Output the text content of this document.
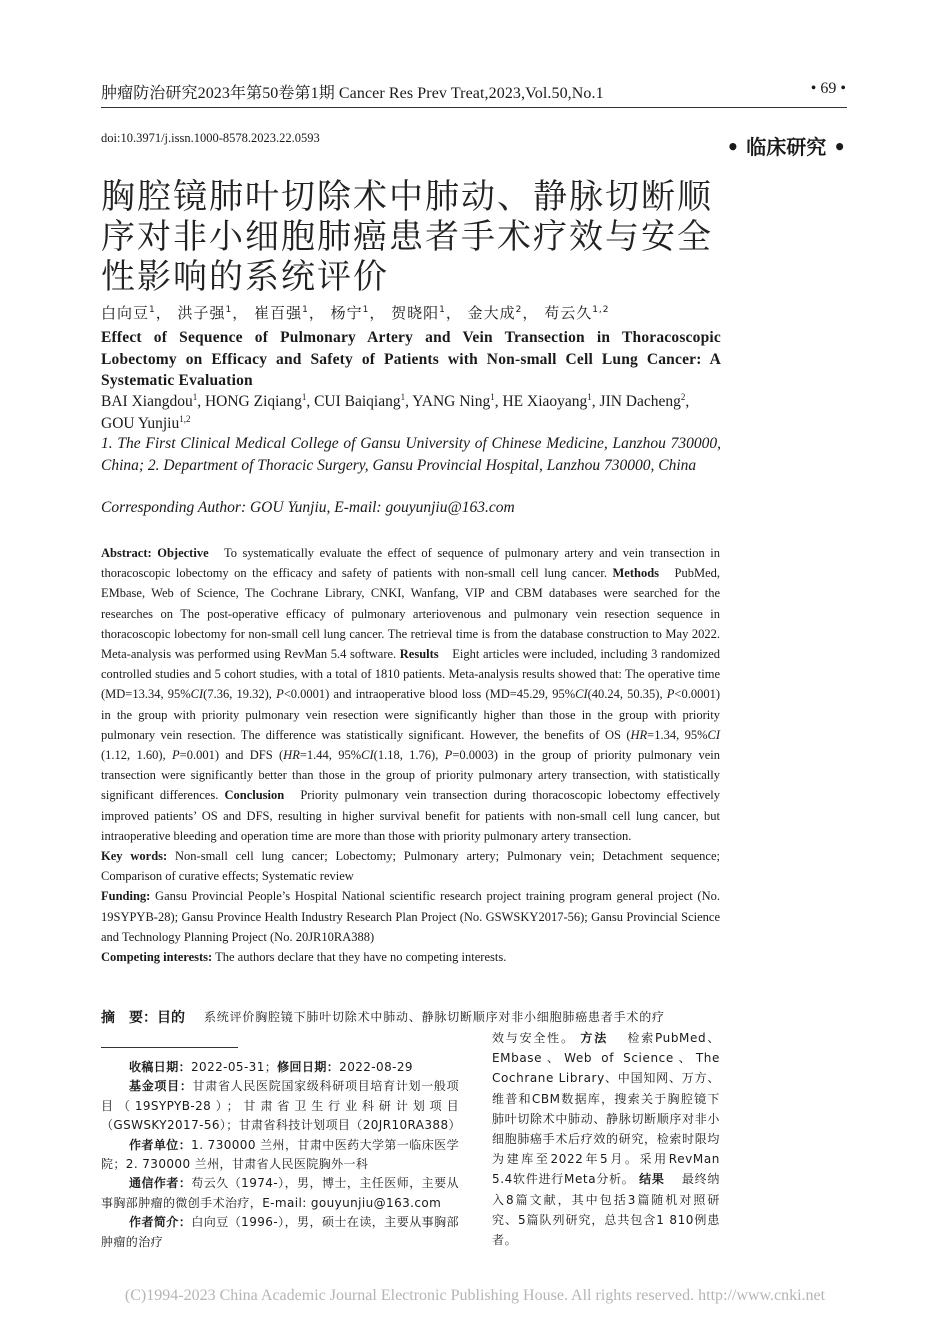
肿瘤防治研究2023年第50卷第1期 Cancer Res Prev Treat,2023,Vol.50,No.1	• 69 •
doi:10.3971/j.issn.1000-8578.2023.22.0593	• 临床研究 •
胸腔镜肺叶切除术中肺动、静脉切断顺序对非小细胞肺癌患者手术疗效与安全性影响的系统评价
白向豆$^1$， 洪子强$^1$， 崔百强$^1$， 杨宁$^1$， 贺晓阳$^1$， 金大成$^2$， 苟云久$^{1,2}$
Effect of Sequence of Pulmonary Artery and Vein Transection in Thoracoscopic Lobectomy on Efficacy and Safety of Patients with Non-small Cell Lung Cancer: A Systematic Evaluation
BAI Xiangdou$^1$, HONG Ziqiang$^1$, CUI Baiqiang$^1$, YANG Ning$^1$, HE Xiaoyang$^1$, JIN Dacheng$^2$, GOU Yunjiu$^{1,2}$
1. The First Clinical Medical College of Gansu University of Chinese Medicine, Lanzhou 730000, China; 2. Department of Thoracic Surgery, Gansu Provincial Hospital, Lanzhou 730000, China
Corresponding Author: GOU Yunjiu, E-mail: gouyunjiu@163.com
Abstract: Objective To systematically evaluate the effect of sequence of pulmonary artery and vein transection in thoracoscopic lobectomy on the efficacy and safety of patients with non-small cell lung cancer. Methods PubMed, EMbase, Web of Science, The Cochrane Library, CNKI, Wanfang, VIP and CBM databases were searched for the researches on The post-operative efficacy of pulmonary arteriovenous and pulmonary vein resection sequence in thoracoscopic lobectomy for non-small cell lung cancer. The retrieval time is from the database construction to May 2022. Meta-analysis was performed using RevMan 5.4 software. Results Eight articles were included, including 3 randomized controlled studies and 5 cohort studies, with a total of 1810 patients. Meta-analysis results showed that: The operative time (MD=13.34, 95%CI(7.36, 19.32), P<0.0001) and intraoperative blood loss (MD=45.29, 95%CI(40.24, 50.35), P<0.0001) in the group with priority pulmonary vein resection were significantly higher than those in the group with priority pulmonary vein resection. The difference was statistically significant. However, the benefits of OS (HR=1.34, 95%CI (1.12, 1.60), P=0.001) and DFS (HR=1.44, 95%CI(1.18, 1.76), P=0.0003) in the group of priority pulmonary vein transection were significantly better than those in the group of priority pulmonary artery transection, with statistically significant differences. Conclusion Priority pulmonary vein transection during thoracoscopic lobectomy effectively improved patients’ OS and DFS, resulting in higher survival benefit for patients with non-small cell lung cancer, but intraoperative bleeding and operation time are more than those with priority pulmonary artery transection.
Key words: Non-small cell lung cancer; Lobectomy; Pulmonary artery; Pulmonary vein; Detachment sequence; Comparison of curative effects; Systematic review
Funding: Gansu Provincial People’s Hospital National scientific research project training program general project (No. 19SYPYB-28); Gansu Province Health Industry Research Plan Project (No. GSWSKY2017-56); Gansu Provincial Science and Technology Planning Project (No. 20JR10RA388)
Competing interests: The authors declare that they have no competing interests.
摘　要：目的 系统评价胸腔镜下肺叶切除术中肺动、静脉切断顺序对非小细胞肺癌患者手术的疗
效与安全性。 方法　 检索PubMed、EMbase、Web of Science、The Cochrane Library、中国知网、万方、维普和CBM数据库，搜索关于胸腔镜下肺叶切除术中肺动、静脉切断顺序对非小细胞肺癌手术后疗效的研究，检索时限均为建库至2022年5月。采用RevMan 5.4软件进行Meta分析。 结果　 最终纳入8篇文献，其中包括3篇随机对照研究、5篇队列研究，总共包含1 810例患者。
收稿日期：2022-05-31；修回日期：2022-08-29
基金项目：甘肃省人民医院国家级科研项目培育计划一般项目（19SYPYB-28）；甘肃省卫生行业科研计划项目（GSWSKY2017-56）；甘肃省科技计划项目（20JR10RA388）
作者单位：1. 730000 兰州，甘肃中医药大学第一临床医学院；2. 730000 兰州，甘肃省人民医院胸外一科
通信作者：苟云久（1974-），男，博士，主任医师，主要从事胸部肿瘤的微创手术治疗，E-mail: gouyunjiu@163.com
作者简介：白向豆（1996-），男，硕士在读，主要从事胸部肿瘤的治疗
(C)1994-2023 China Academic Journal Electronic Publishing House. All rights reserved. http://www.cnki.net
